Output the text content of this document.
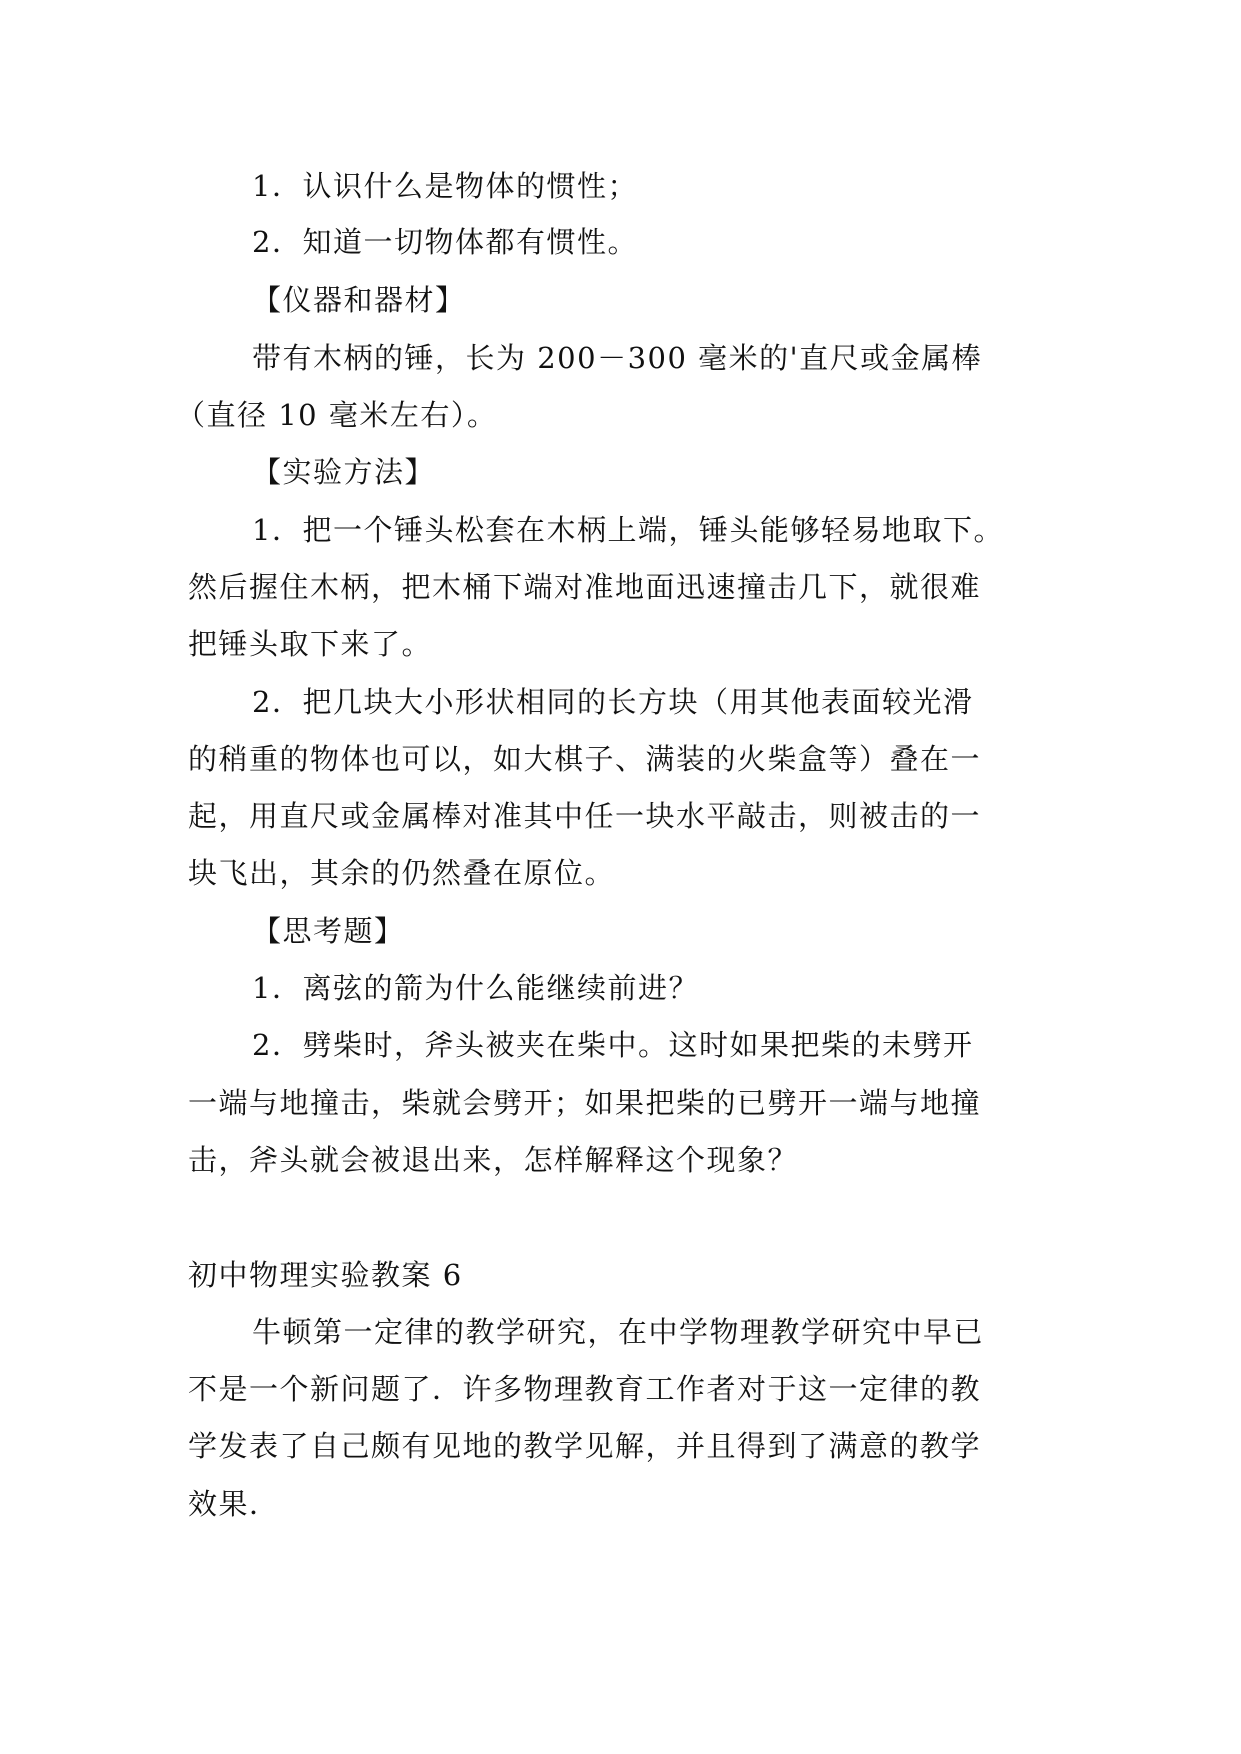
1．认识什么是物体的惯性；
2．知道一切物体都有惯性。
【仪器和器材】
带有木柄的锤，长为 200－300 毫米的'直尺或金属棒
（直径 10 毫米左右）。
【实验方法】
1．把一个锤头松套在木柄上端，锤头能够轻易地取下。
然后握住木柄，把木桶下端对准地面迅速撞击几下，就很难
把锤头取下来了。
2．把几块大小形状相同的长方块（用其他表面较光滑
的稍重的物体也可以，如大棋子、满装的火柴盒等）叠在一
起，用直尺或金属棒对准其中任一块水平敲击，则被击的一
块飞出，其余的仍然叠在原位。
【思考题】
1．离弦的箭为什么能继续前进？
2．劈柴时，斧头被夹在柴中。这时如果把柴的未劈开
一端与地撞击，柴就会劈开；如果把柴的已劈开一端与地撞
击，斧头就会被退出来，怎样解释这个现象？
初中物理实验教案 6
牛顿第一定律的教学研究，在中学物理教学研究中早已
不是一个新问题了．许多物理教育工作者对于这一定律的教
学发表了自己颇有见地的教学见解，并且得到了满意的教学
效果．
